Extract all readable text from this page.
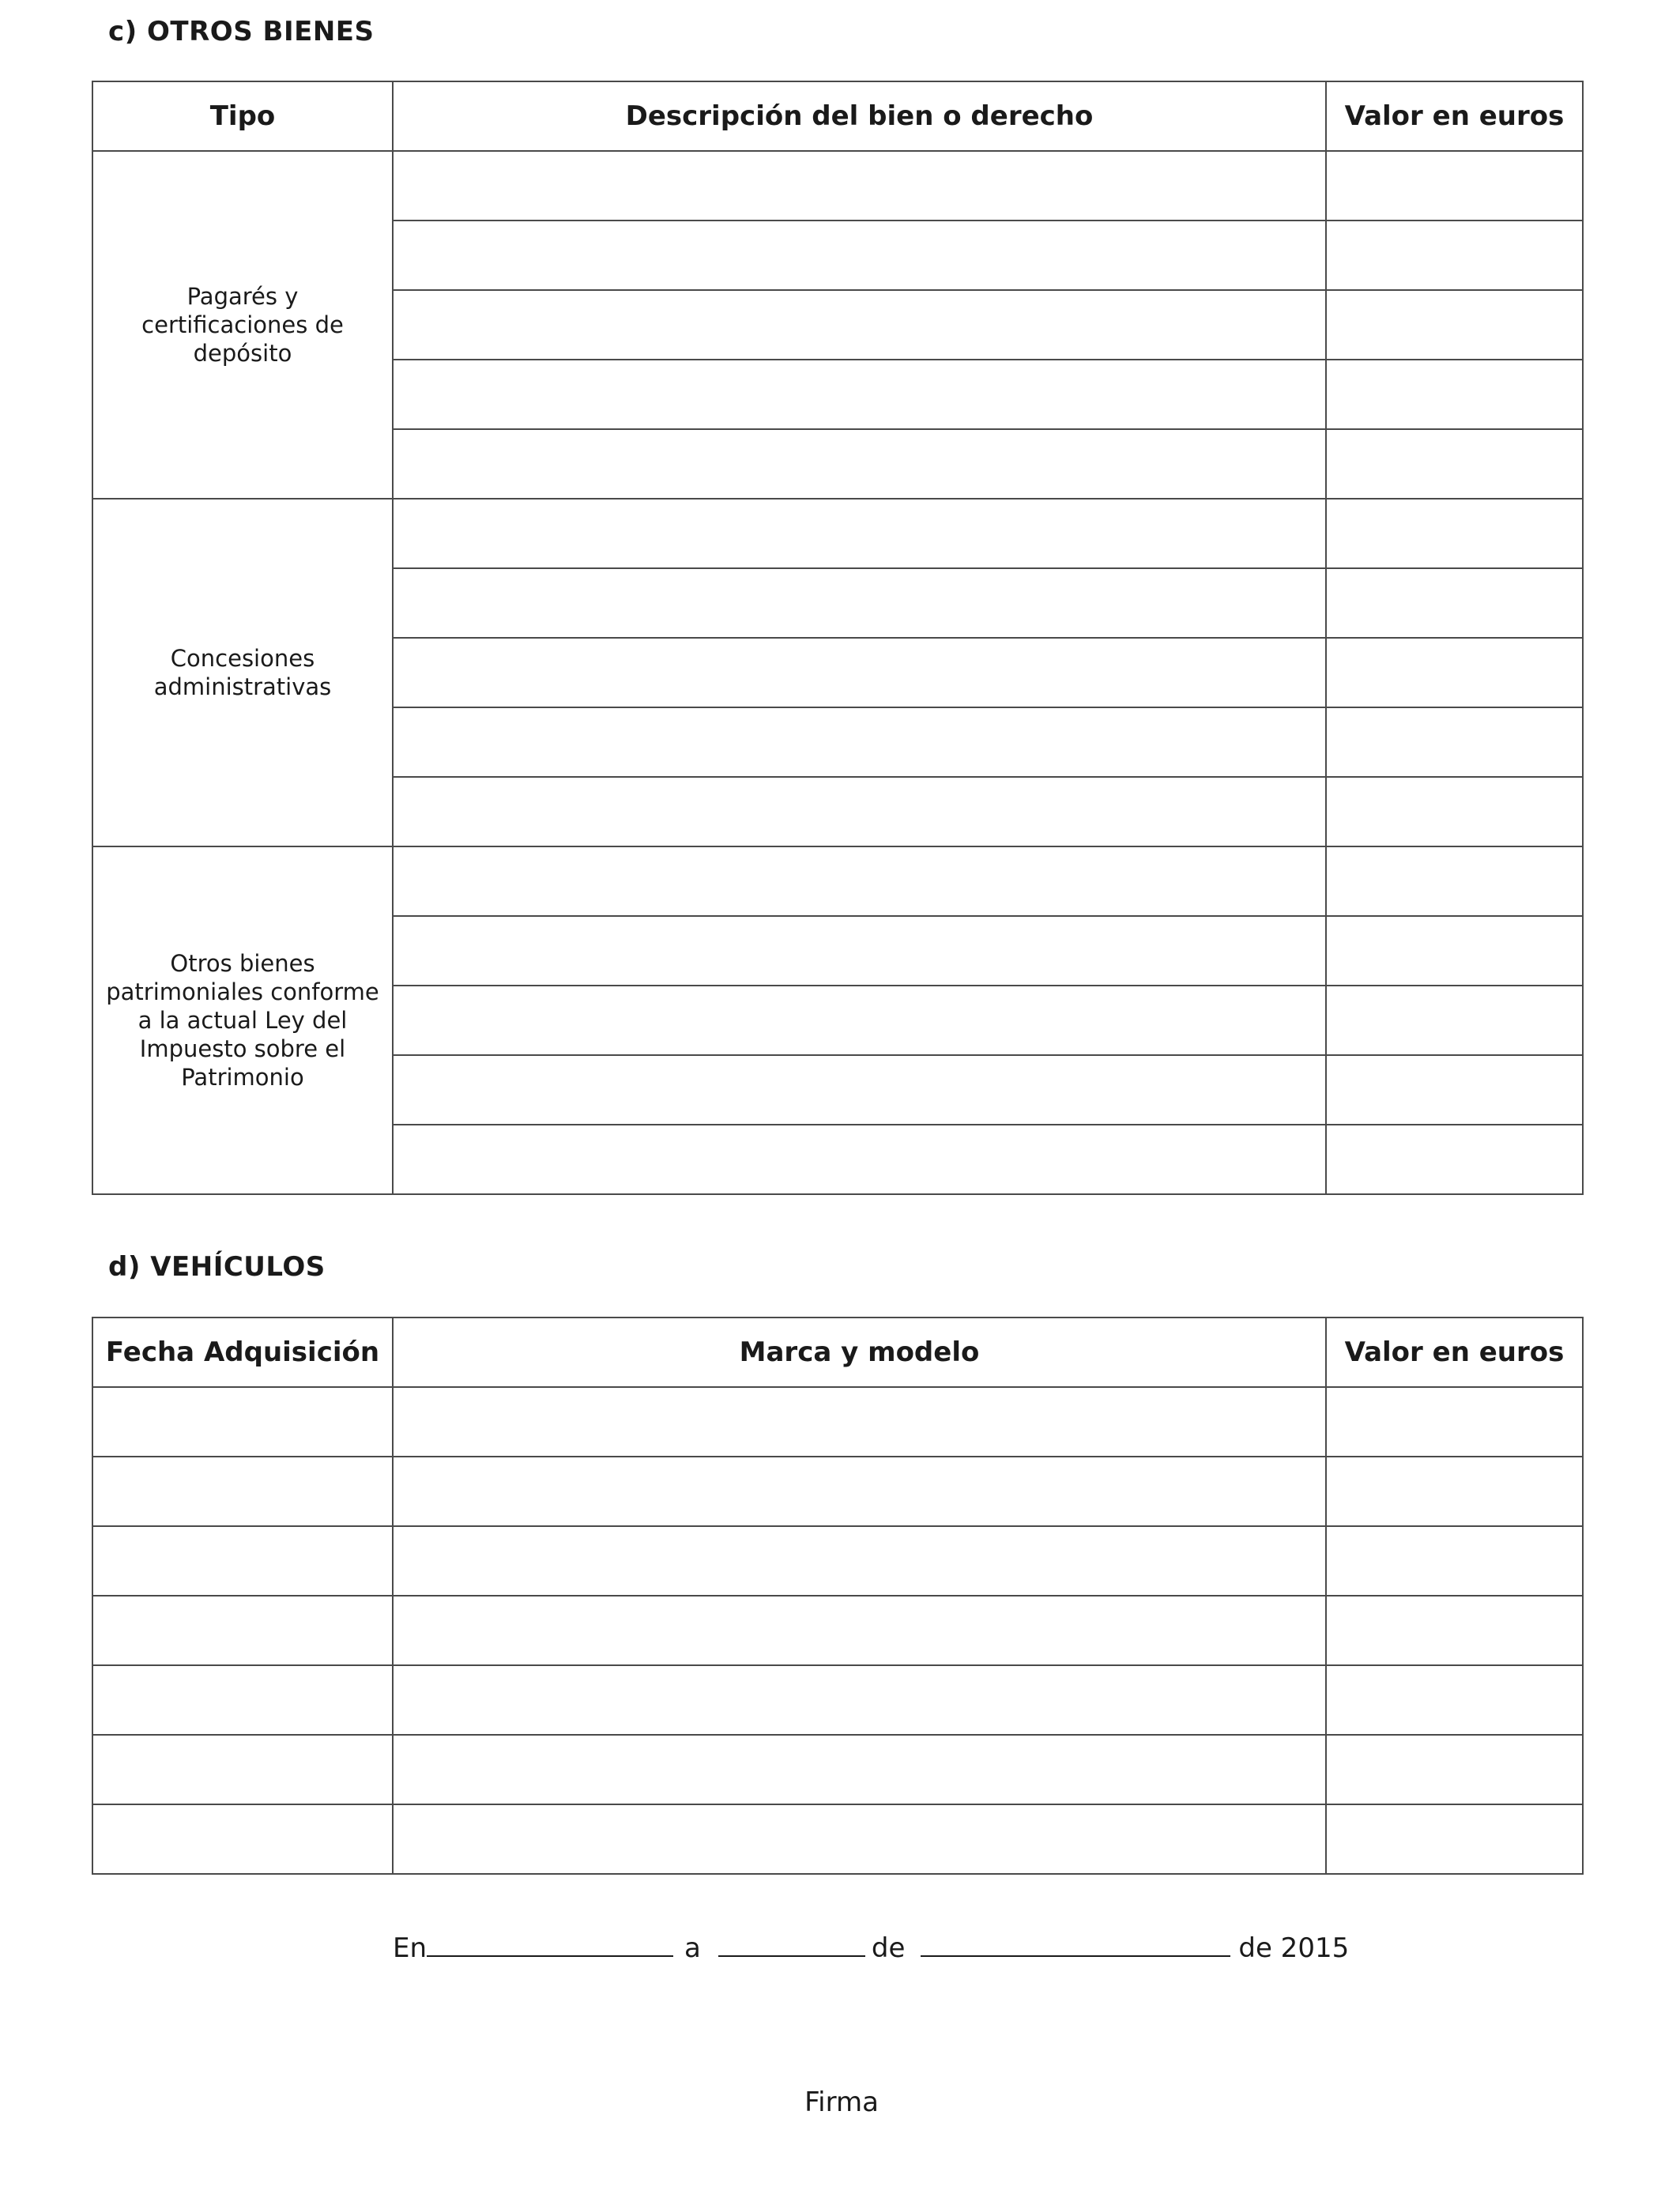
c) OTROS BIENES
Tipo	Descripción del bien o derecho	Valor en euros
Pagarés y
certificaciones de
depósito		

Concesiones
administrativas		

Otros bienes
patrimoniales conforme
a la actual Ley del
Impuesto sobre el
Patrimonio		

d) VEHÍCULOS
Fecha Adquisición	Marca y modelo	Valor en euros

En	a	de	de 2015
Firma
